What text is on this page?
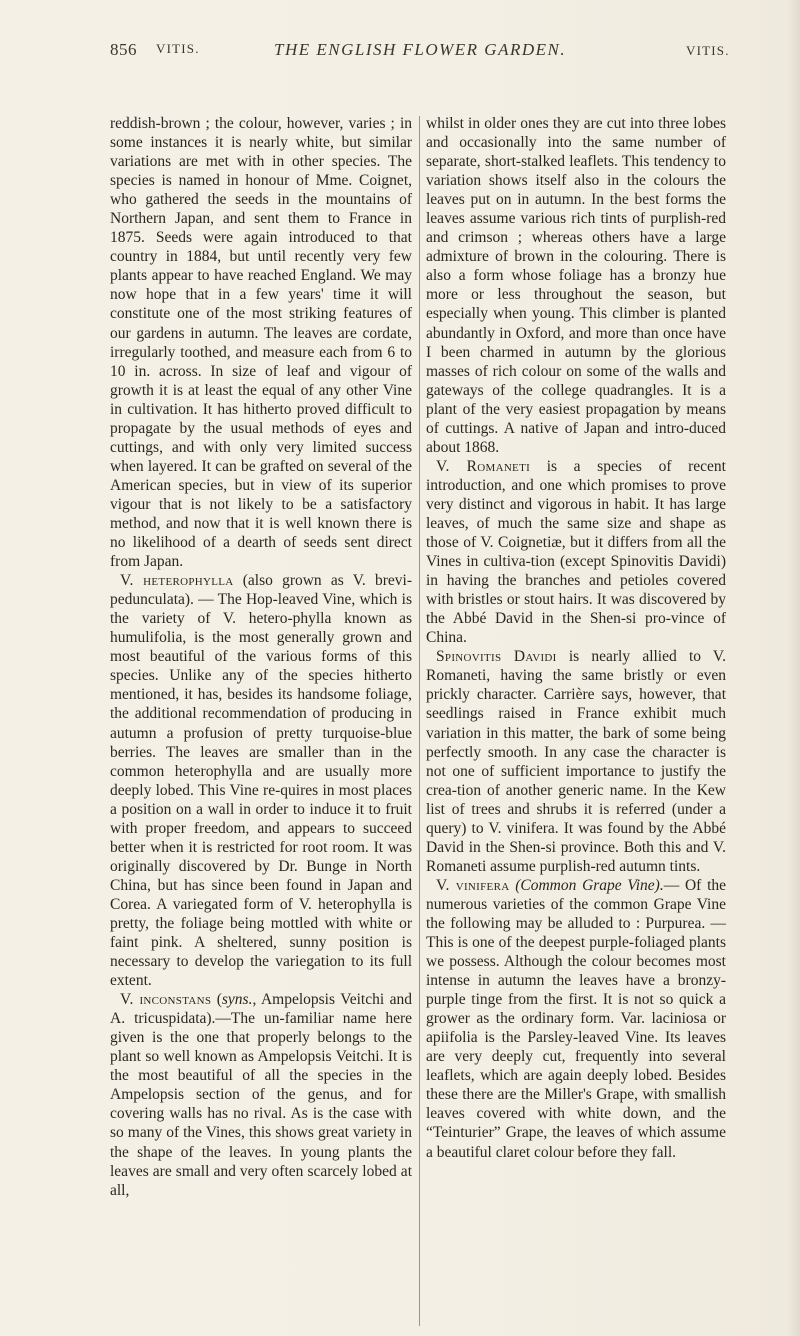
856 VITIS.	THE ENGLISH FLOWER GARDEN.	VITIS.

reddish-brown ; the colour, however, varies ; in some instances it is nearly white, but similar variations are met with in other species. The species is named in honour of Mme. Coignet, who gathered the seeds in the mountains of Northern Japan, and sent them to France in 1875. Seeds were again introduced to that country in 1884, but until recently very few plants appear to have reached England. We may now hope that in a few years' time it will constitute one of the most striking features of our gardens in autumn. The leaves are cordate, irregularly toothed, and measure each from 6 to 10 in. across. In size of leaf and vigour of growth it is at least the equal of any other Vine in cultivation. It has hitherto proved difficult to propagate by the usual methods of eyes and cuttings, and with only very limited success when layered. It can be grafted on several of the American species, but in view of its superior vigour that is not likely to be a satisfactory method, and now that it is well known there is no likelihood of a dearth of seeds sent direct from Japan.

V. heterophylla (also grown as V. brevi-pedunculata). — The Hop-leaved Vine, which is the variety of V. hetero-phylla known as humulifolia, is the most generally grown and most beautiful of the various forms of this species. Unlike any of the species hitherto mentioned, it has, besides its handsome foliage, the additional recommendation of producing in autumn a profusion of pretty turquoise-blue berries. The leaves are smaller than in the common heterophylla and are usually more deeply lobed. This Vine re-quires in most places a position on a wall in order to induce it to fruit with proper freedom, and appears to succeed better when it is restricted for root room. It was originally discovered by Dr. Bunge in North China, but has since been found in Japan and Corea. A variegated form of V. heterophylla is pretty, the foliage being mottled with white or faint pink. A sheltered, sunny position is necessary to develop the variegation to its full extent.

V. inconstans (syns., Ampelopsis Veitchi and A. tricuspidata).—The un-familiar name here given is the one that properly belongs to the plant so well known as Ampelopsis Veitchi. It is the most beautiful of all the species in the Ampelopsis section of the genus, and for covering walls has no rival. As is the case with so many of the Vines, this shows great variety in the shape of the leaves. In young plants the leaves are small and very often scarcely lobed at all,

whilst in older ones they are cut into three lobes and occasionally into the same number of separate, short-stalked leaflets. This tendency to variation shows itself also in the colours the leaves put on in autumn. In the best forms the leaves assume various rich tints of purplish-red and crimson ; whereas others have a large admixture of brown in the colouring. There is also a form whose foliage has a bronzy hue more or less throughout the season, but especially when young. This climber is planted abundantly in Oxford, and more than once have I been charmed in autumn by the glorious masses of rich colour on some of the walls and gateways of the college quadrangles. It is a plant of the very easiest propagation by means of cuttings. A native of Japan and intro-duced about 1868.

V. Romaneti is a species of recent introduction, and one which promises to prove very distinct and vigorous in habit. It has large leaves, of much the same size and shape as those of V. Coignetiæ, but it differs from all the Vines in cultiva-tion (except Spinovitis Davidi) in having the branches and petioles covered with bristles or stout hairs. It was discovered by the Abbé David in the Shen-si pro-vince of China.

Spinovitis Davidi is nearly allied to V. Romaneti, having the same bristly or even prickly character. Carrière says, however, that seedlings raised in France exhibit much variation in this matter, the bark of some being perfectly smooth. In any case the character is not one of sufficient importance to justify the crea-tion of another generic name. In the Kew list of trees and shrubs it is referred (under a query) to V. vinifera. It was found by the Abbé David in the Shen-si province. Both this and V. Romaneti assume purplish-red autumn tints.

V. vinifera (Common Grape Vine).— Of the numerous varieties of the common Grape Vine the following may be alluded to : Purpurea. — This is one of the deepest purple-foliaged plants we possess. Although the colour becomes most intense in autumn the leaves have a bronzy-purple tinge from the first. It is not so quick a grower as the ordinary form. Var. laciniosa or apiifolia is the Parsley-leaved Vine. Its leaves are very deeply cut, frequently into several leaflets, which are again deeply lobed. Besides these there are the Miller's Grape, with smallish leaves covered with white down, and the “Teinturier” Grape, the leaves of which assume a beautiful claret colour before they fall.
